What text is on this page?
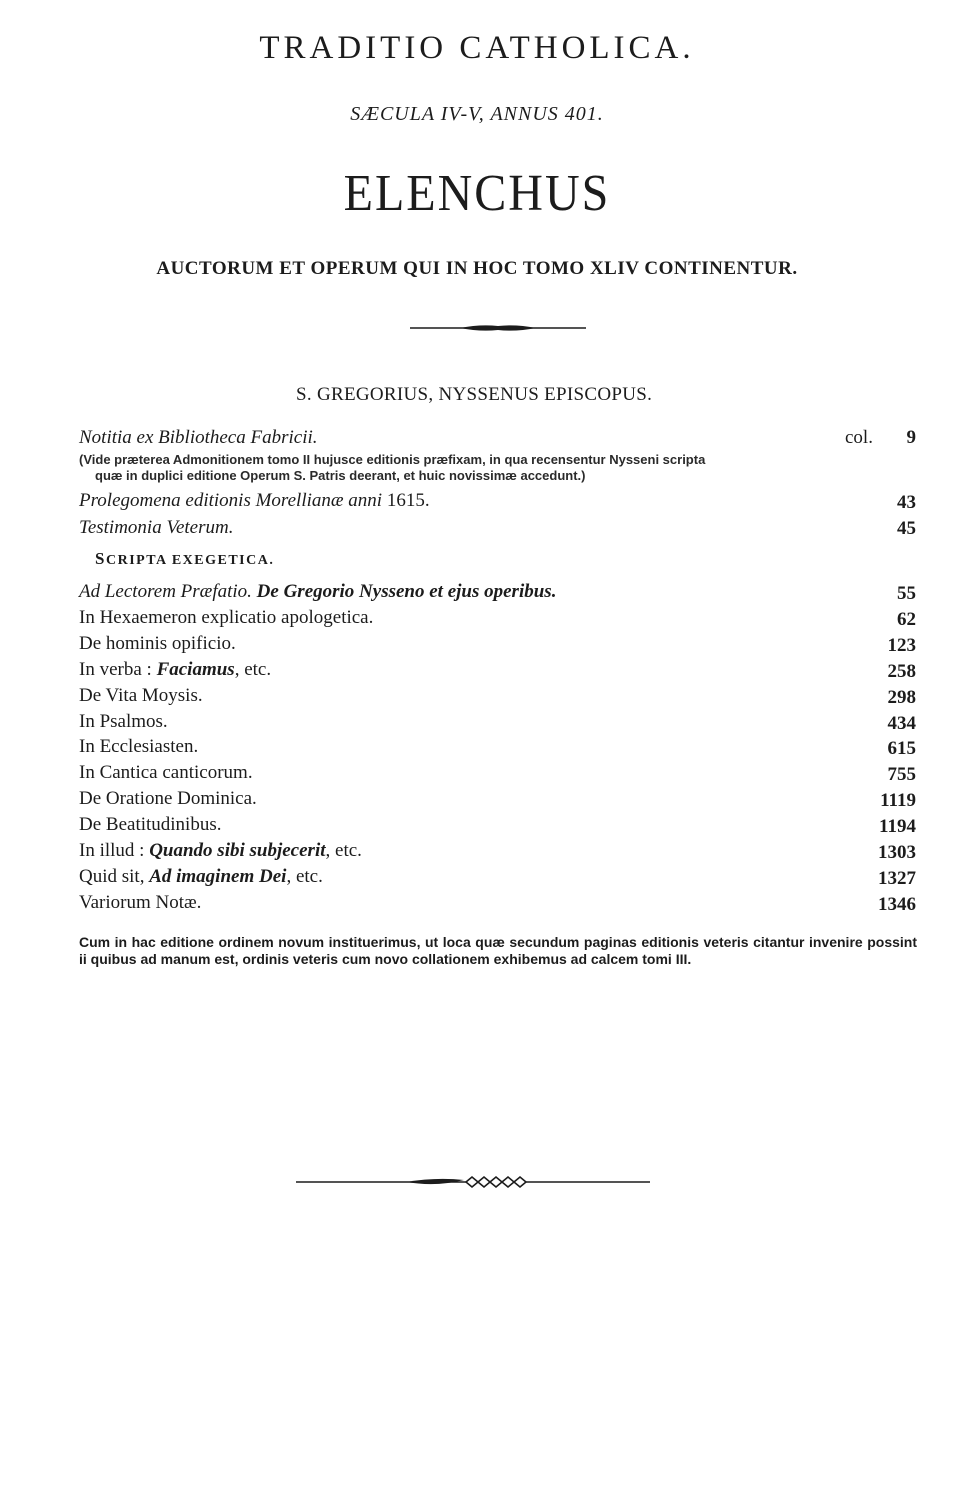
TRADITIO CATHOLICA.
SÆCULA IV-V, ANNUS 401.
ELENCHUS
AUCTORUM ET OPERUM QUI IN HOC TOMO XLIV CONTINENTUR.
S. GREGORIUS, NYSSENUS EPISCOPUS.
Notitia ex Bibliotheca Fabricii.	col. 9
(Vide præterea Admonitionem tomo II hujusce editionis præfixam, in qua recensentur Nysseni scripta
quæ in duplici editione Operum S. Patris deerant, et huic novissimæ accedunt.)
Prolegomena editionis Morellianæ anni 1615.	43
Testimonia Veterum.	45
SCRIPTA EXEGETICA.
Ad Lectorem Præfatio. De Gregorio Nysseno et ejus operibus.	55
In Hexaemeron explicatio apologetica.	62
De hominis opificio.	123
In verba : Faciamus, etc.	258
De Vita Moysis.	298
In Psalmos.	434
In Ecclesiasten.	615
In Cantica canticorum.	755
De Oratione Dominica.	1119
De Beatitudinibus.	1194
In illud : Quando sibi subjecerit, etc.	1303
Quid sit, Ad imaginem Dei, etc.	1327
Variorum Notæ.	1346
Cum in hac editione ordinem novum instituerimus, ut loca quæ secundum paginas editionis veteris citantur invenire possint ii quibus ad manum est, ordinis veteris cum novo collationem exhibemus ad calcem tomi III.
